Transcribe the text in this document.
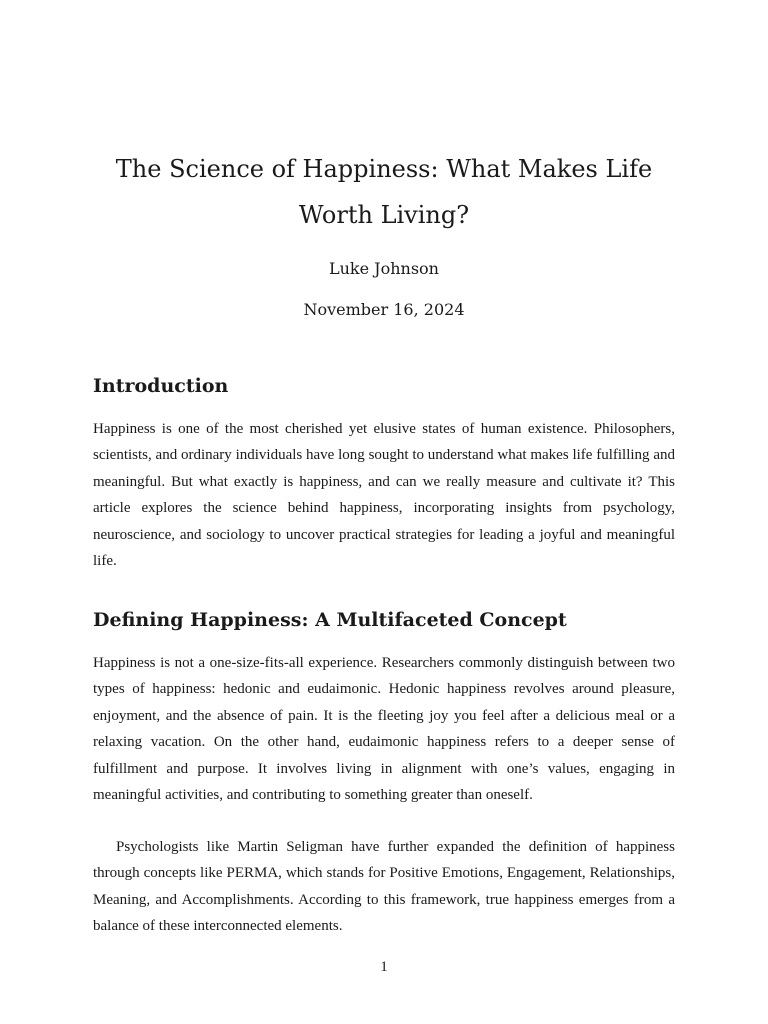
The Science of Happiness: What Makes Life Worth Living?
Luke Johnson
November 16, 2024
Introduction

Happiness is one of the most cherished yet elusive states of human existence. Philosophers, scientists, and ordinary individuals have long sought to understand what makes life fulfilling and meaningful. But what exactly is happiness, and can we really measure and cultivate it? This article explores the science behind happiness, incorporating insights from psychology, neuroscience, and sociology to uncover practical strategies for leading a joyful and meaningful life.

Defining Happiness: A Multifaceted Concept

Happiness is not a one-size-fits-all experience. Researchers commonly distinguish between two types of happiness: hedonic and eudaimonic. Hedonic happiness revolves around pleasure, enjoyment, and the absence of pain. It is the fleeting joy you feel after a delicious meal or a relaxing vacation. On the other hand, eudaimonic happiness refers to a deeper sense of fulfillment and purpose. It involves living in alignment with one’s values, engaging in meaningful activities, and contributing to something greater than oneself.

Psychologists like Martin Seligman have further expanded the definition of happiness through concepts like PERMA, which stands for Positive Emotions, Engagement, Relationships, Meaning, and Accomplishments. According to this framework, true happiness emerges from a balance of these interconnected elements.

1
